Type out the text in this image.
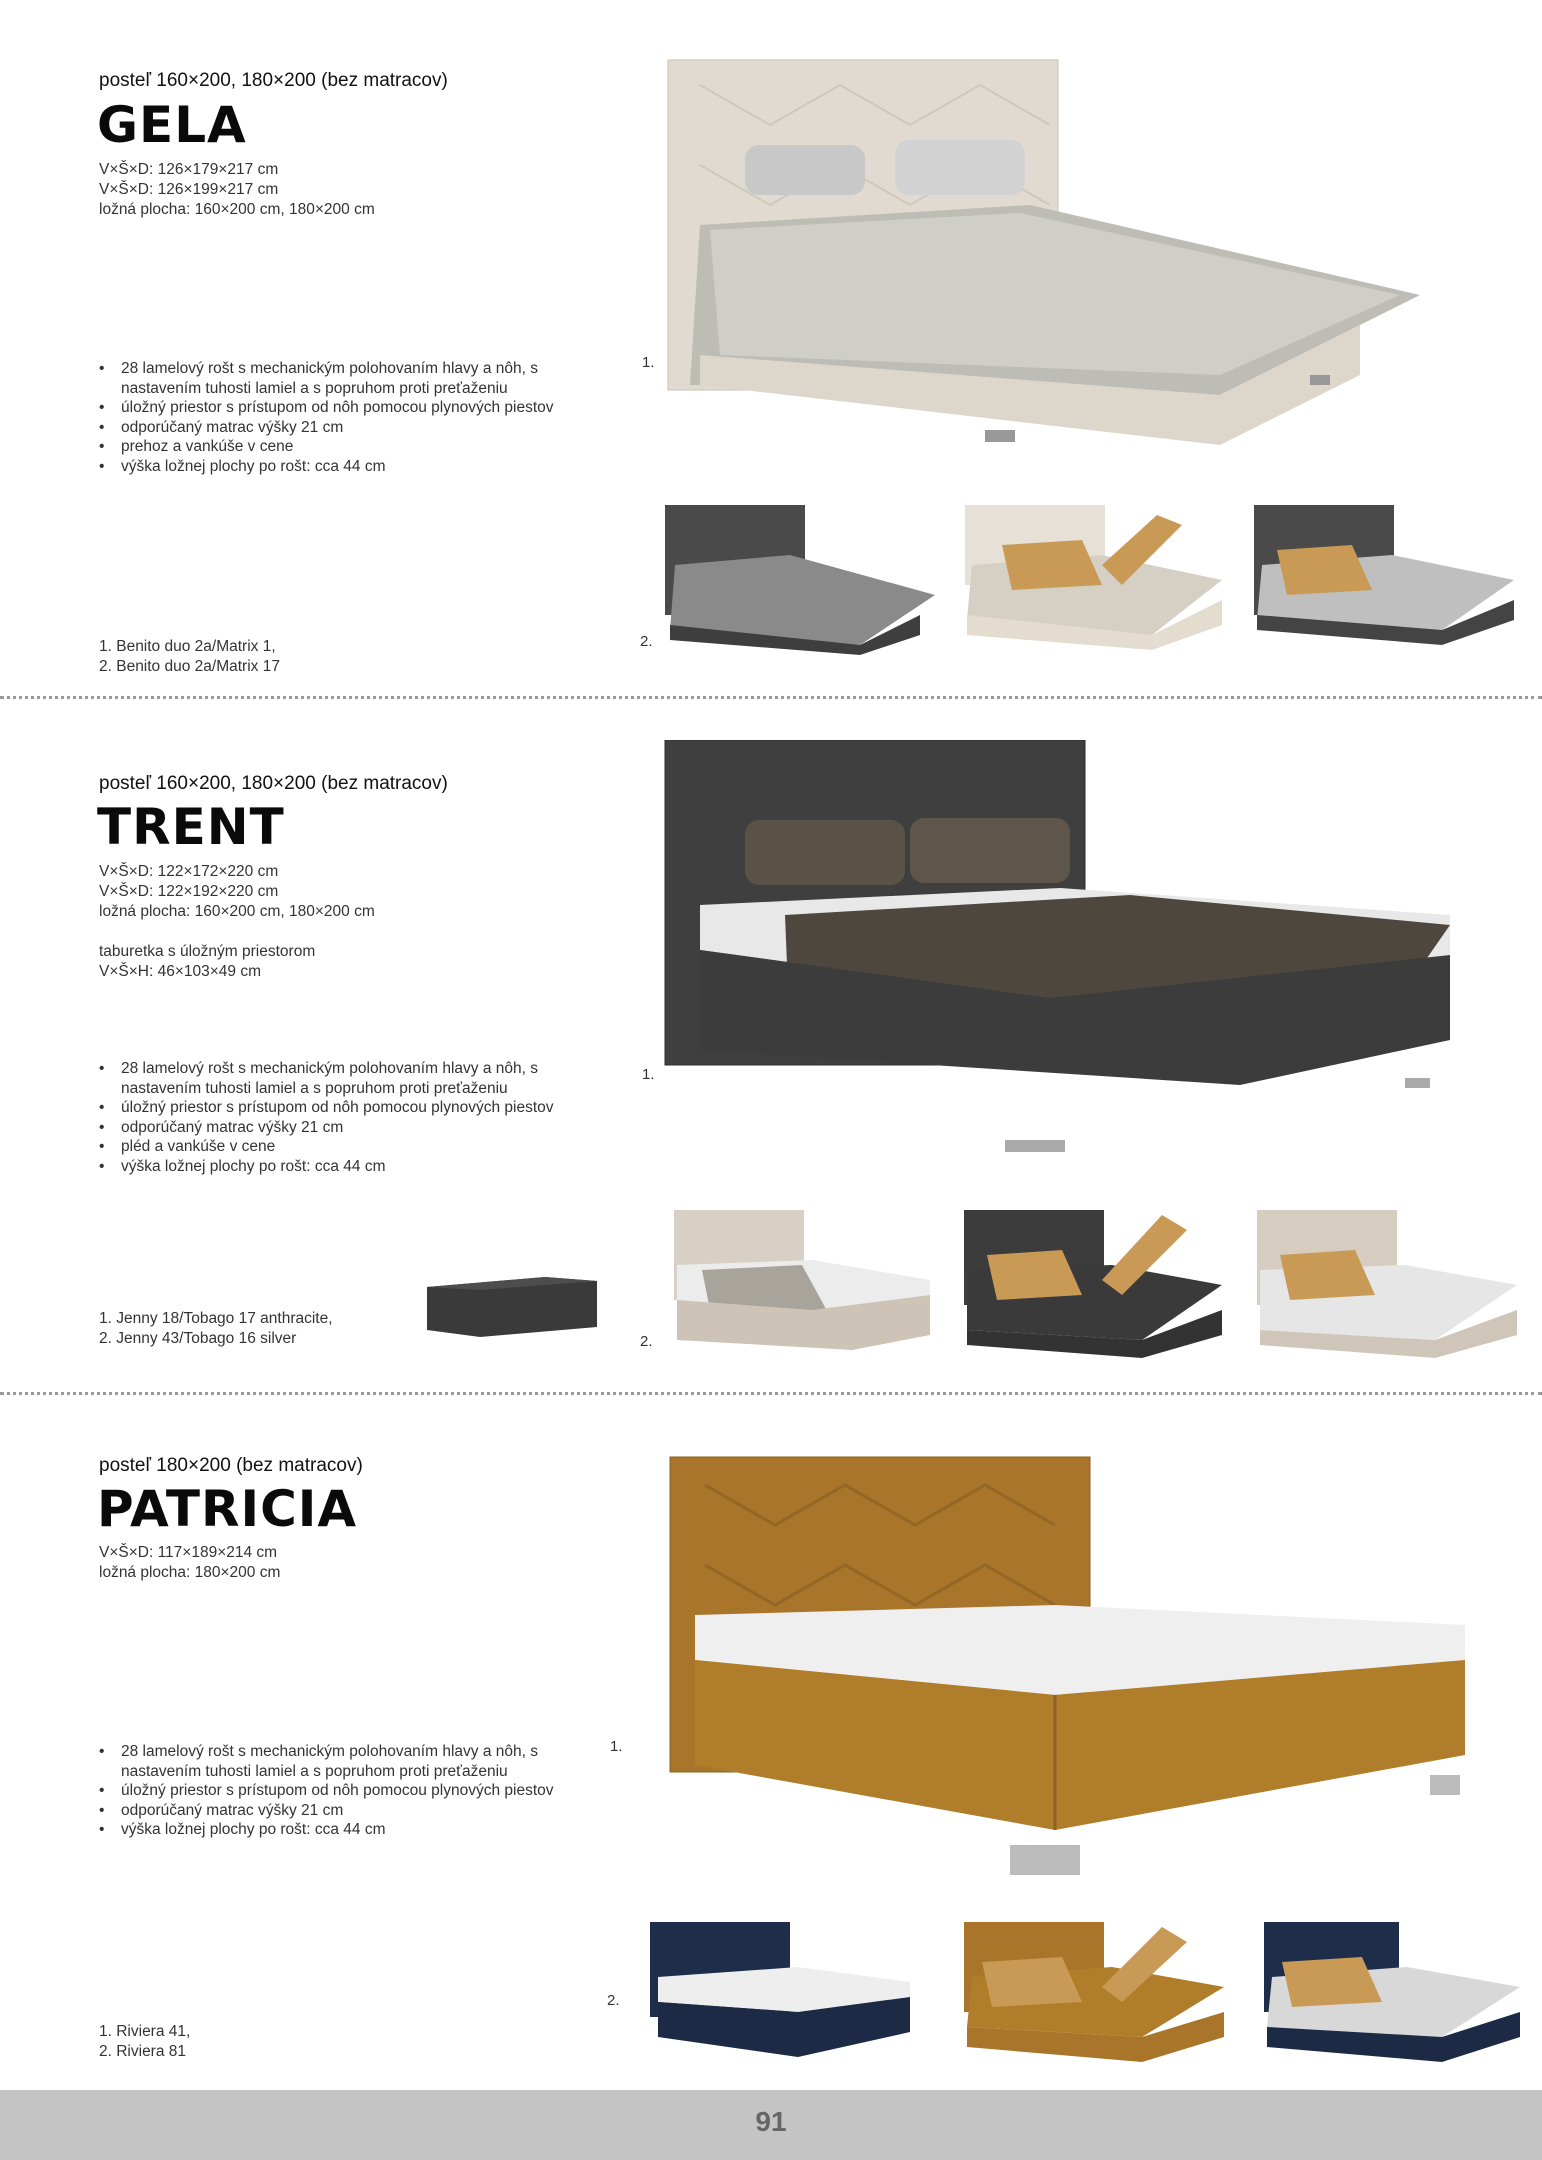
posteľ 160×200, 180×200 (bez matracov)
GELA
V×Š×D: 126×179×217 cm
V×Š×D: 126×199×217 cm
ložná plocha: 160×200 cm, 180×200 cm
• 28 lamelový rošt s mechanickým polohovaním hlavy a nôh, s nastavením tuhosti lamiel a s popruhom proti preťaženiu
• úložný priestor s prístupom od nôh pomocou plynových piestov
• odporúčaný matrac výšky 21 cm
• prehoz a vankúše v cene
• výška ložnej plochy po rošt: cca 44 cm
1. Benito duo 2a/Matrix 1,
2. Benito duo 2a/Matrix 17
1.
2.
posteľ 160×200, 180×200 (bez matracov)
TRENT
V×Š×D: 122×172×220 cm
V×Š×D: 122×192×220 cm
ložná plocha: 160×200 cm, 180×200 cm
taburetka s úložným priestorom
V×Š×H: 46×103×49 cm
• 28 lamelový rošt s mechanickým polohovaním hlavy a nôh, s nastavením tuhosti lamiel a s popruhom proti preťaženiu
• úložný priestor s prístupom od nôh pomocou plynových piestov
• odporúčaný matrac výšky 21 cm
• pléd a vankúše v cene
• výška ložnej plochy po rošt: cca 44 cm
1. Jenny 18/Tobago 17 anthracite,
2. Jenny 43/Tobago 16 silver
1.
2.
posteľ 180×200 (bez matracov)
PATRICIA
V×Š×D: 117×189×214 cm
ložná plocha: 180×200 cm
• 28 lamelový rošt s mechanickým polohovaním hlavy a nôh, s nastavením tuhosti lamiel a s popruhom proti preťaženiu
• úložný priestor s prístupom od nôh pomocou plynových piestov
• odporúčaný matrac výšky 21 cm
• výška ložnej plochy po rošt: cca 44 cm
1. Riviera 41,
2. Riviera 81
1.
2.
91
